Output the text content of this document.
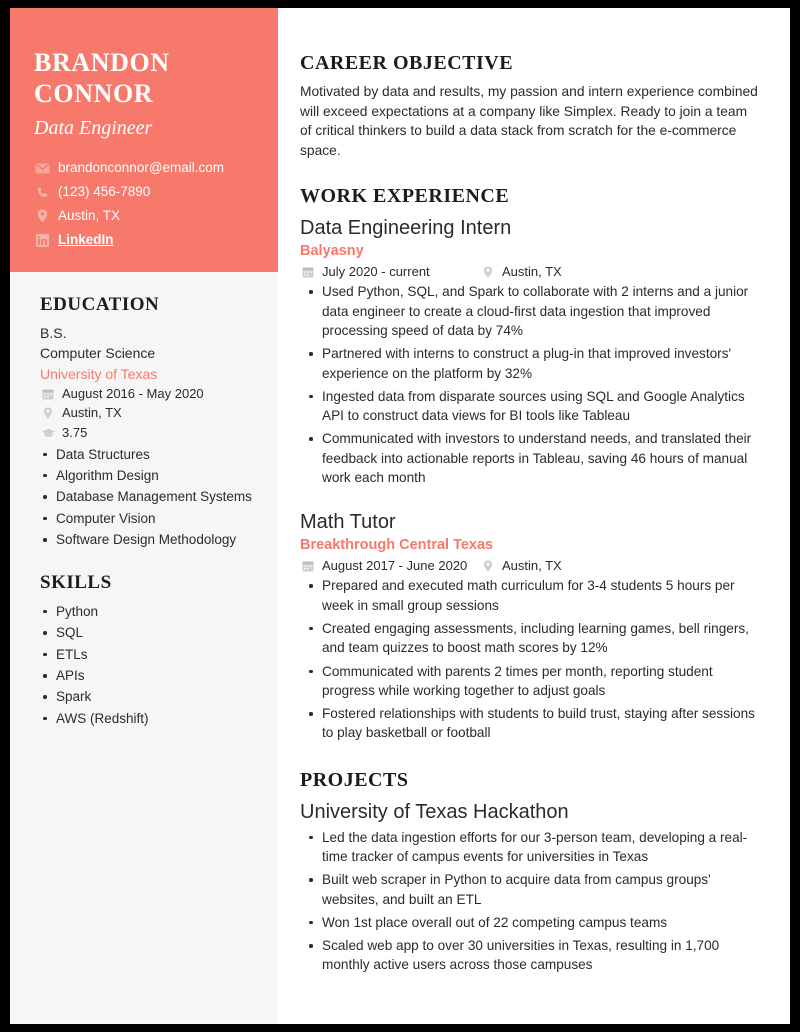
BRANDON
CONNOR
Data Engineer
brandonconnor@email.com
(123) 456-7890
Austin, TX
LinkedIn
EDUCATION
B.S.
Computer Science
University of Texas
August 2016 - May 2020
Austin, TX
3.75
Data Structures
Algorithm Design
Database Management Systems
Computer Vision
Software Design Methodology
SKILLS
Python
SQL
ETLs
APIs
Spark
AWS (Redshift)
CAREER OBJECTIVE

Motivated by data and results, my passion and intern experience combined will exceed expectations at a company like Simplex. Ready to join a team of critical thinkers to build a data stack from scratch for the e-commerce space.

WORK EXPERIENCE
Data Engineering Intern
Balyasny
July 2020 - current	Austin, TX
Used Python, SQL, and Spark to collaborate with 2 interns and a junior data engineer to create a cloud-first data ingestion that improved processing speed of data by 74%
Partnered with interns to construct a plug-in that improved investors' experience on the platform by 32%
Ingested data from disparate sources using SQL and Google Analytics API to construct data views for BI tools like Tableau
Communicated with investors to understand needs, and translated their feedback into actionable reports in Tableau, saving 46 hours of manual work each month
Math Tutor
Breakthrough Central Texas
August 2017 - June 2020	Austin, TX
Prepared and executed math curriculum for 3-4 students 5 hours per week in small group sessions
Created engaging assessments, including learning games, bell ringers, and team quizzes to boost math scores by 12%
Communicated with parents 2 times per month, reporting student progress while working together to adjust goals
Fostered relationships with students to build trust, staying after sessions to play basketball or football
PROJECTS
University of Texas Hackathon
Led the data ingestion efforts for our 3-person team, developing a real-time tracker of campus events for universities in Texas
Built web scraper in Python to acquire data from campus groups' websites, and built an ETL
Won 1st place overall out of 22 competing campus teams
Scaled web app to over 30 universities in Texas, resulting in 1,700 monthly active users across those campuses
